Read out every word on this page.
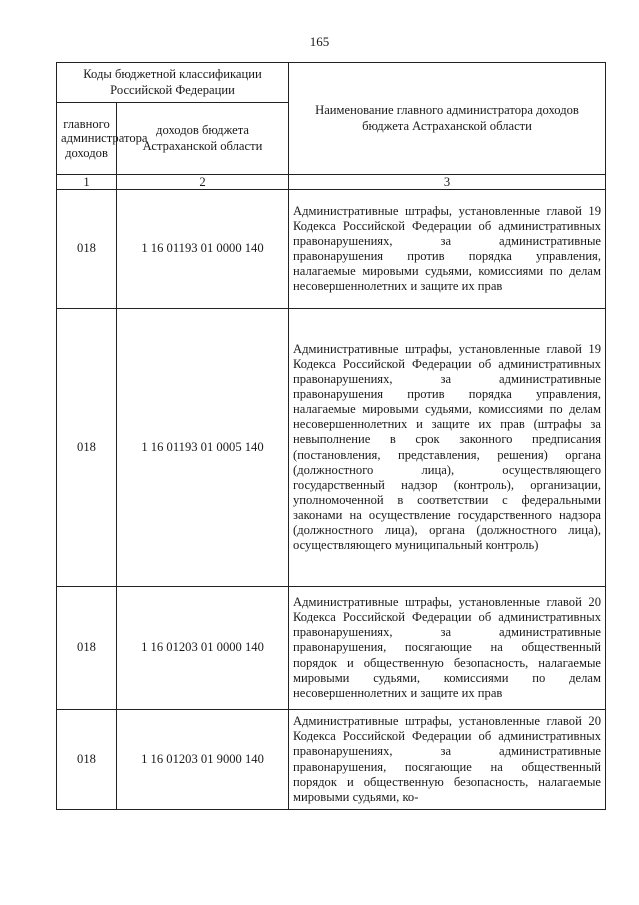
165
Коды бюджетной классификации Российской Федерации		Наименование главного администратора доходов бюджета Астраханской области
главного администратора доходов	доходов бюджета Астраханской области	
1	2	3
018	1 16 01193 01 0000 140	Административные штрафы, установленные главой 19 Кодекса Российской Федерации об административных правонарушениях, за административные правонарушения против порядка управления, налагаемые мировыми судьями, комиссиями по делам несовершеннолетних и защите их прав
018	1 16 01193 01 0005 140	Административные штрафы, установленные главой 19 Кодекса Российской Федерации об административных правонарушениях, за административные правонарушения против порядка управления, налагаемые мировыми судьями, комиссиями по делам несовершеннолетних и защите их прав (штрафы за невыполнение в срок законного предписания (постановления, представления, решения) органа (должностного лица), осуществляющего государственный надзор (контроль), организации, уполномоченной в соответствии с федеральными законами на осуществление государственного надзора (должностного лица), органа (должностного лица), осуществляющего муниципальный контроль)
018	1 16 01203 01 0000 140	Административные штрафы, установленные главой 20 Кодекса Российской Федерации об административных правонарушениях, за административные правонарушения, посягающие на общественный порядок и общественную безопасность, налагаемые мировыми судьями, комиссиями по делам несовершеннолетних и защите их прав
018	1 16 01203 01 9000 140	Административные штрафы, установленные главой 20 Кодекса Российской Федерации об административных правонарушениях, за административные правонарушения, посягающие на общественный порядок и общественную безопасность, налагаемые мировыми судьями, ко-
